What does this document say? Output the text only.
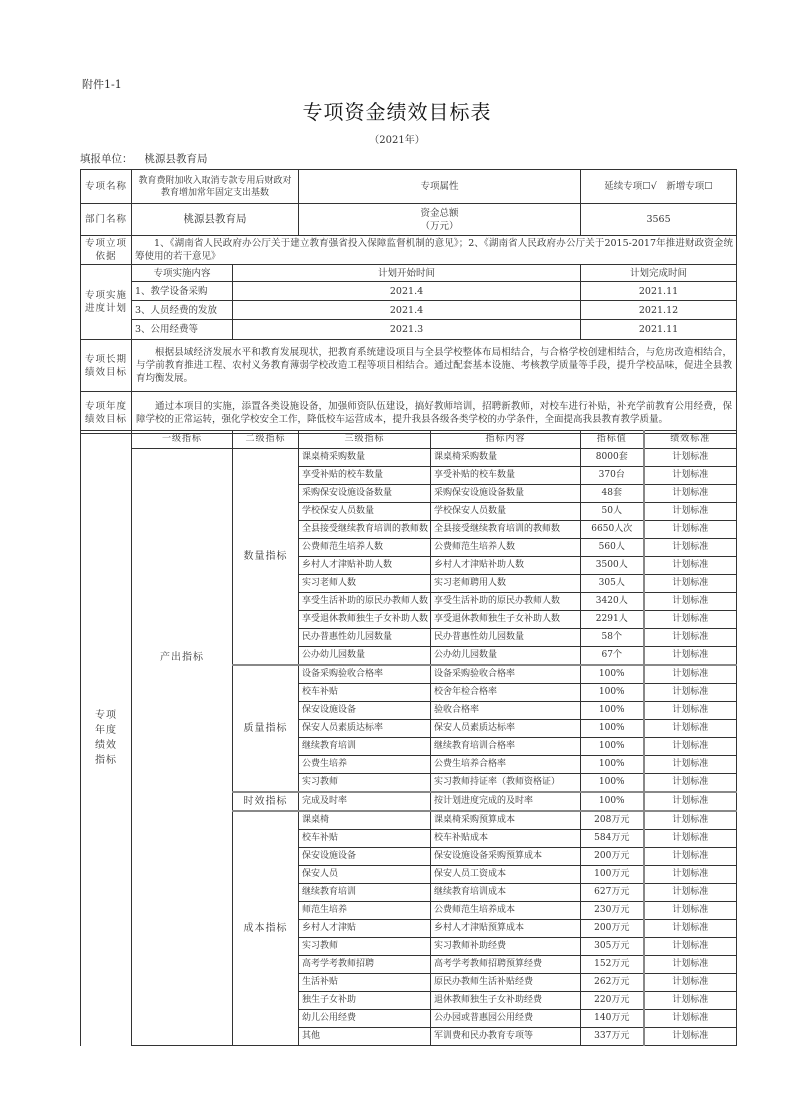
附件1-1
专项资金绩效目标表
（2021年）
填报单位： 桃源县教育局
专项名称	教育费附加收入取消专款专用后财政对教育增加常年固定支出基数		专项属性	延续专项☐√　新增专项☐
部门名称	桃源县教育局		资金总额
（万元）	3565
专项立项依据	1、《湖南省人民政府办公厅关于建立教育强省投入保障监督机制的意见》；2、《湖南省人民政府办公厅关于2015-2017年推进财政资金统筹使用的若干意见》			
专项实施进度计划	专项实施内容	计划开始时间		计划完成时间
	1、教学设备采购	2021.4		2021.11
	3、人员经费的发放	2021.4		2021.12
	3、公用经费等	2021.3		2021.11
专项长期绩效目标	根据县域经济发展水平和教育发展现状，把教育系统建设项目与全县学校整体布局相结合，与合格学校创建相结合，与危房改造相结合，与学前教育推进工程、农村义务教育薄弱学校改造工程等项目相结合。通过配套基本设施、考核教学质量等手段，提升学校品味，促进全县教育均衡发展。			
专项年度绩效目标	通过本项目的实施，添置各类设施设备，加强师资队伍建设，搞好教师培训，招聘新教师，对校车进行补贴，补充学前教育公用经费，保障学校的正常运转，强化学校安全工作，降低校车运营成本，提升我县各级各类学校的办学条件，全面提高我县教育教学质量。			
专项
年度
绩效
指标	一级指标	二级指标	三级指标	指标内容	指标值	绩效标准
	产出指标	数量指标	课桌椅采购数量	课桌椅采购数量	8000套	计划标准
			享受补贴的校车数量	享受补贴的校车数量	370台	计划标准
			采购保安设施设备数量	采购保安设施设备数量	48套	计划标准
			学校保安人员数量	学校保安人员数量	50人	计划标准
			全县接受继续教育培训的教师数	全县接受继续教育培训的教师数	6650人次	计划标准
			公费师范生培养人数	公费师范生培养人数	560人	计划标准
			乡村人才津贴补助人数	乡村人才津贴补助人数	3500人	计划标准
			实习老师人数	实习老师聘用人数	305人	计划标准
			享受生活补助的原民办教师人数	享受生活补助的原民办教师人数	3420人	计划标准
			享受退休教师独生子女补助人数	享受退休教师独生子女补助人数	2291人	计划标准
			民办普惠性幼儿园数量	民办普惠性幼儿园数量	58个	计划标准
			公办幼儿园数量	公办幼儿园数量	67个	计划标准
		质量指标	设备采购验收合格率	设备采购验收合格率	100%	计划标准
			校车补贴	校舍年检合格率	100%	计划标准
			保安设施设备	验收合格率	100%	计划标准
			保安人员素质达标率	保安人员素质达标率	100%	计划标准
			继续教育培训	继续教育培训合格率	100%	计划标准
			公费生培养	公费生培养合格率	100%	计划标准
			实习教师	实习教师持证率（教师资格证）	100%	计划标准
		时效指标	完成及时率	按计划进度完成的及时率	100%	计划标准
		成本指标	课桌椅	课桌椅采购预算成本	208万元	计划标准
			校车补贴	校车补贴成本	584万元	计划标准
			保安设施设备	保安设施设备采购预算成本	200万元	计划标准
			保安人员	保安人员工资成本	100万元	计划标准
			继续教育培训	继续教育培训成本	627万元	计划标准
			师范生培养	公费师范生培养成本	230万元	计划标准
			乡村人才津贴	乡村人才津贴预算成本	200万元	计划标准
			实习教师	实习教师补助经费	305万元	计划标准
			高考学考教师招聘	高考学考教师招聘预算经费	152万元	计划标准
			生活补贴	原民办教师生活补贴经费	262万元	计划标准
			独生子女补助	退休教师独生子女补助经费	220万元	计划标准
			幼儿公用经费	公办园或普惠园公用经费	140万元	计划标准
			其他	军训费和民办教育专项等	337万元	计划标准
